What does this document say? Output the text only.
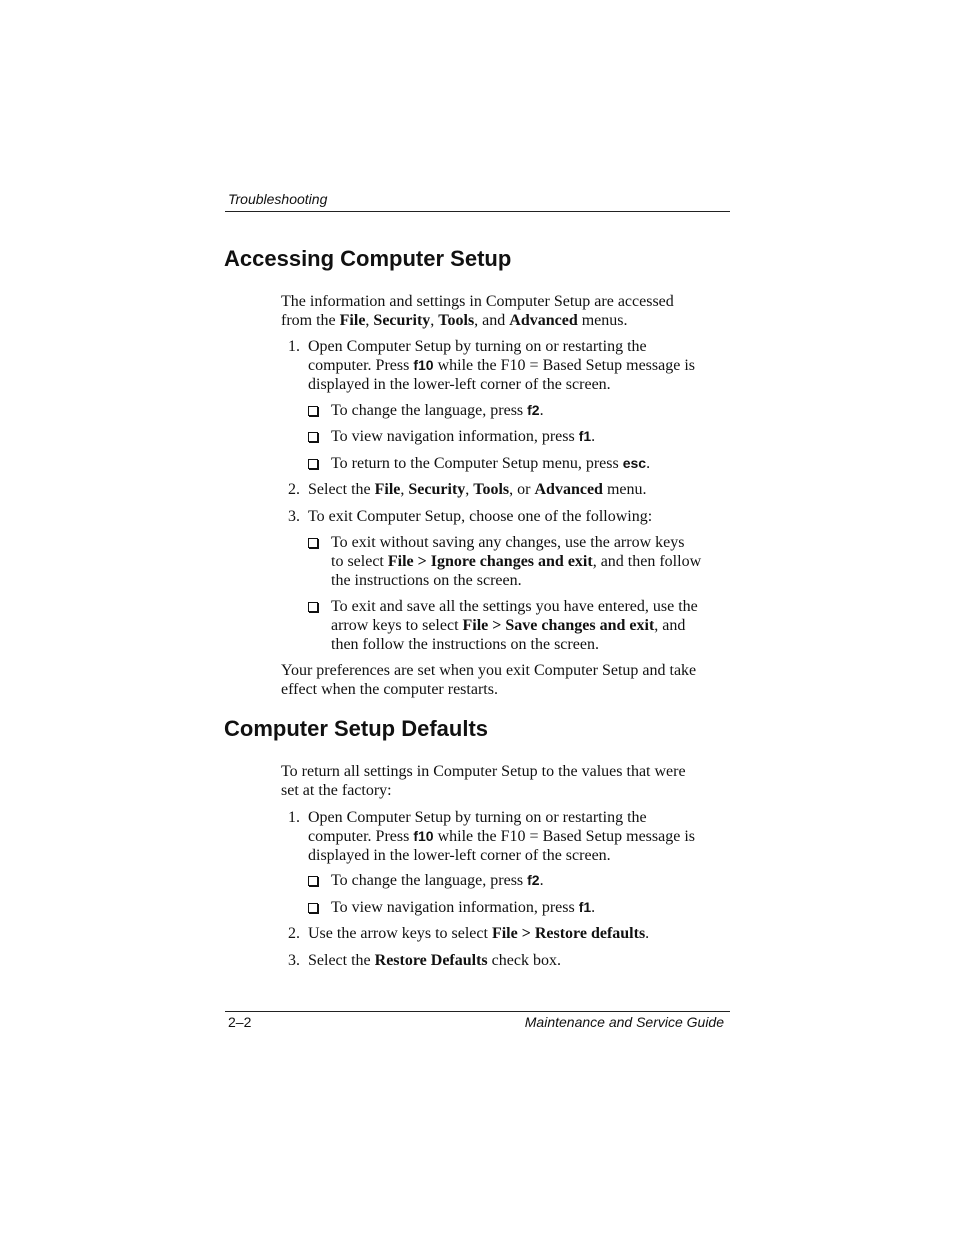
Troubleshooting
Accessing Computer Setup

The information and settings in Computer Setup are accessed
from the File, Security, Tools, and Advanced menus.

1. Open Computer Setup by turning on or restarting the
computer. Press f10 while the F10 = Based Setup message is
displayed in the lower-left corner of the screen.
To change the language, press f2.
To view navigation information, press f1.
To return to the Computer Setup menu, press esc.
2. Select the File, Security, Tools, or Advanced menu.
3. To exit Computer Setup, choose one of the following:
To exit without saving any changes, use the arrow keys
to select File > Ignore changes and exit, and then follow
the instructions on the screen.
To exit and save all the settings you have entered, use the
arrow keys to select File > Save changes and exit, and
then follow the instructions on the screen.

Your preferences are set when you exit Computer Setup and take
effect when the computer restarts.

Computer Setup Defaults

To return all settings in Computer Setup to the values that were
set at the factory:

1. Open Computer Setup by turning on or restarting the
computer. Press f10 while the F10 = Based Setup message is
displayed in the lower-left corner of the screen.
To change the language, press f2.
To view navigation information, press f1.
2. Use the arrow keys to select File > Restore defaults.
3. Select the Restore Defaults check box.
2–2	Maintenance and Service Guide
